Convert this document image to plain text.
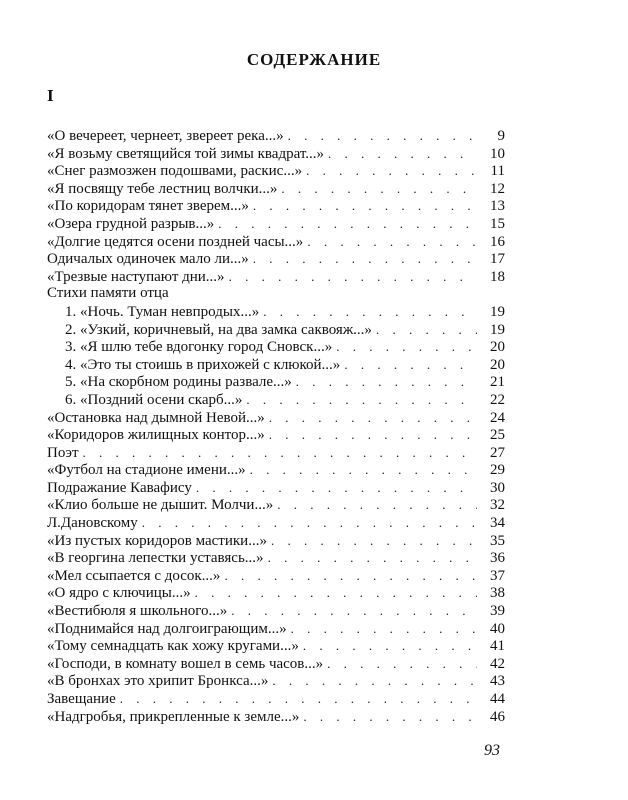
СОДЕРЖАНИЕ
I
«О вечереет, чернеет, звереет река...» . . .	9
«Я возьму светящийся той зимы квадрат...» . . .	10
«Снег размозжен подошвами, раскис...» . . .	11
«Я посвящу тебе лестниц волчки...» . . .	12
«По коридорам тянет зверем...» . . .	13
«Озера грудной разрыв...» . . .	15
«Долгие цедятся осени поздней часы...» . . .	16
Одичалых одиночек мало ли...» . . .	17
«Трезвые наступают дни...» . . .	18
Стихи памяти отца
1. «Ночь. Туман невпродых...» . . .	19
2. «Узкий, коричневый, на два замка саквояж...» . . .	19
3. «Я шлю тебе вдогонку город Сновск...» . . .	20
4. «Это ты стоишь в прихожей с клюкой...» . . .	20
5. «На скорбном родины развале...» . . .	21
6. «Поздний осени скарб...» . . .	22
«Остановка над дымной Невой...» . . .	24
«Коридоров жилищных контор...» . . .	25
Поэт . . .	27
«Футбол на стадионе имени...» . . .	29
Подражание Кавафису . . .	30
«Клио больше не дышит. Молчи...» . . .	32
Л.Дановскому . . .	34
«Из пустых коридоров мастики...» . . .	35
«В георгина лепестки уставясь...» . . .	36
«Мел ссыпается с досок...» . . .	37
«О ядро с ключицы...» . . .	38
«Вестибюля я школьного...» . . .	39
«Поднимайся над долгоиграющим...» . . .	40
«Тому семнадцать как хожу кругами...» . . .	41
«Господи, в комнату вошел в семь часов...» . . .	42
«В бронхах это хрипит Бронкса...» . . .	43
Завещание . . .	44
«Надгробья, прикрепленные к земле...» . . .	46
93
